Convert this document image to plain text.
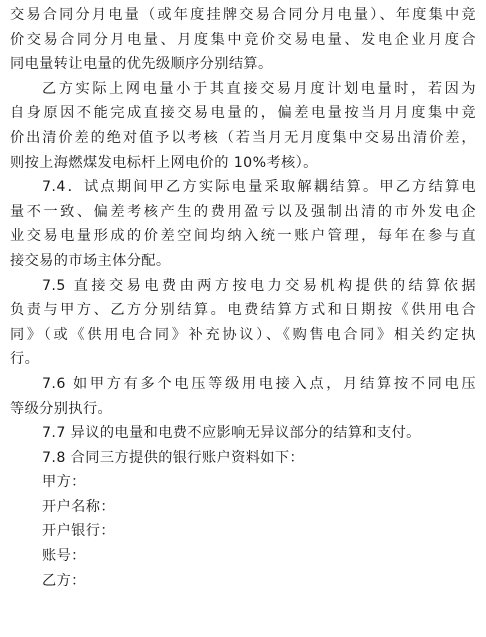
交易合同分月电量（或年度挂牌交易合同分月电量）、年度集中竞
价交易合同分月电量、月度集中竞价交易电量、发电企业月度合
同电量转让电量的优先级顺序分别结算。
乙方实际上网电量小于其直接交易月度计划电量时，若因为
自身原因不能完成直接交易电量的，偏差电量按当月月度集中竞
价出清价差的绝对值予以考核（若当月无月度集中交易出清价差，
则按上海燃煤发电标杆上网电价的 10%考核）。
7.4．试点期间甲乙方实际电量采取解耦结算。甲乙方结算电
量不一致、偏差考核产生的费用盈亏以及强制出清的市外发电企
业交易电量形成的价差空间均纳入统一账户管理，每年在参与直
接交易的市场主体分配。
7.5 直接交易电费由两方按电力交易机构提供的结算依据
负责与甲方、乙方分别结算。电费结算方式和日期按《供用电合
同》（或《供用电合同》补充协议）、《购售电合同》相关约定执
行。
7.6 如甲方有多个电压等级用电接入点，月结算按不同电压
等级分别执行。
7.7 异议的电量和电费不应影响无异议部分的结算和支付。
7.8 合同三方提供的银行账户资料如下：
甲方：
开户名称：
开户银行：
账号：
乙方：
